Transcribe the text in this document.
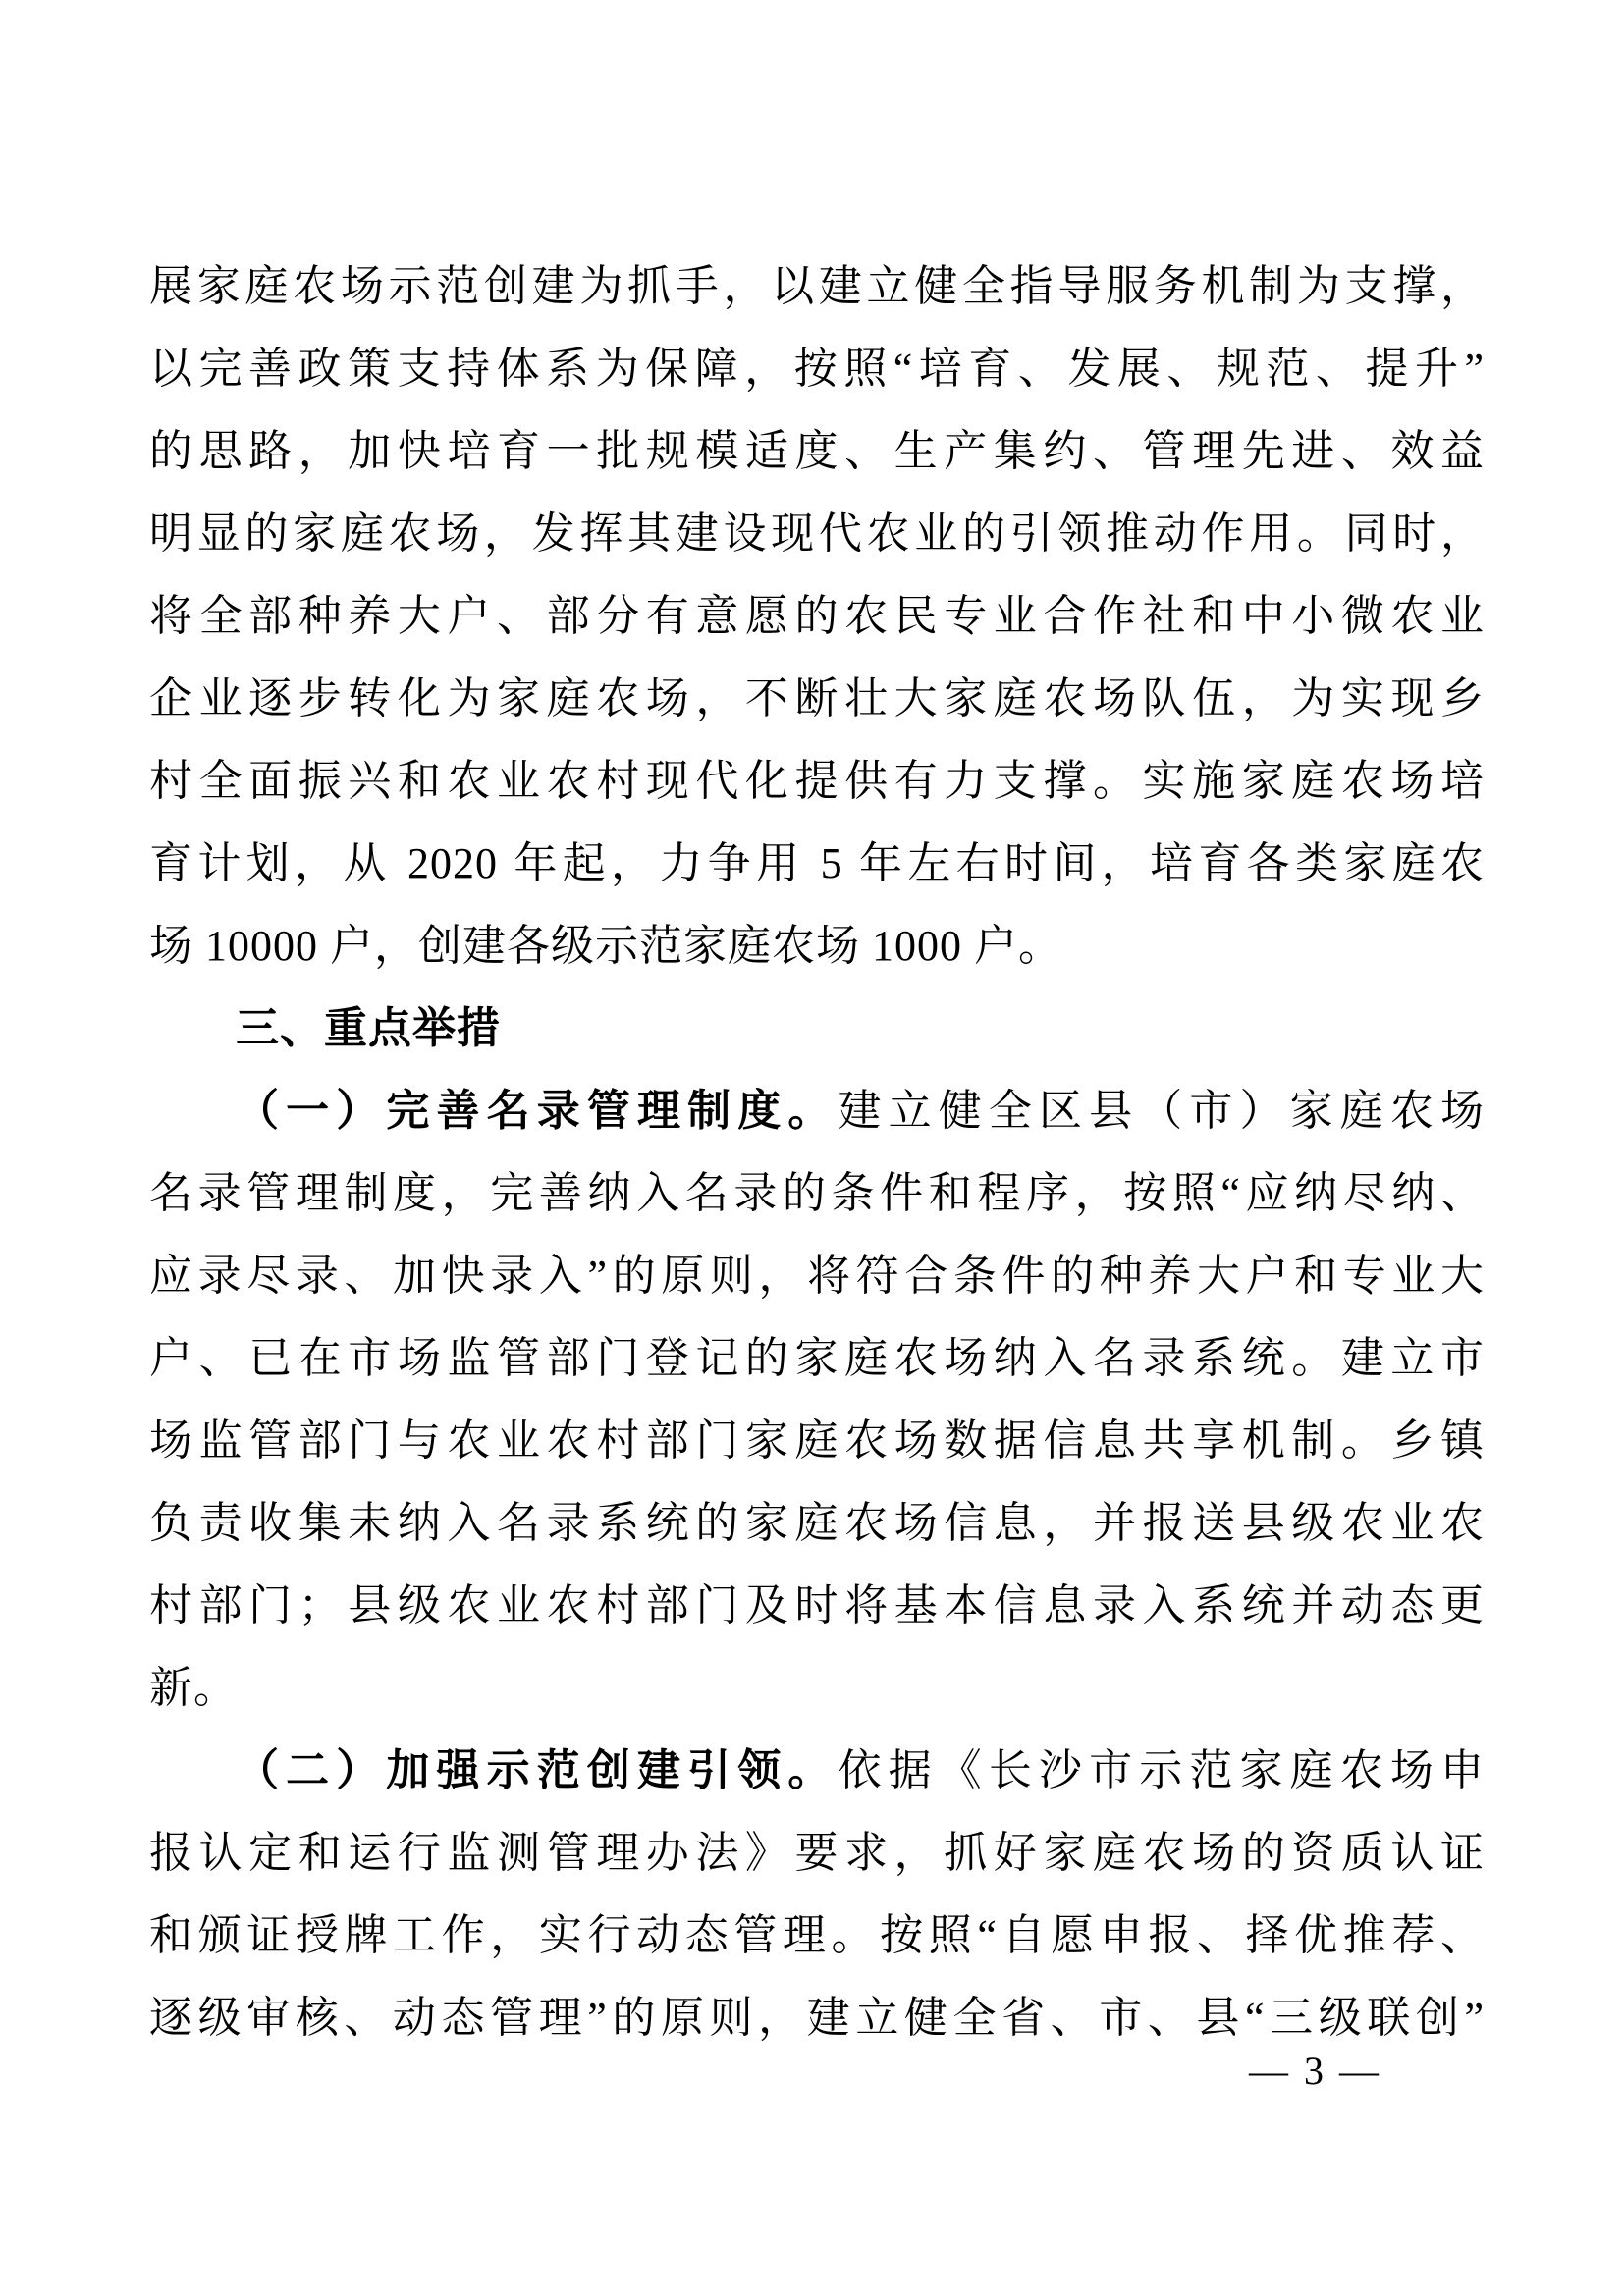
展家庭农场示范创建为抓手，以建立健全指导服务机制为支撑，
以完善政策支持体系为保障，按照“培育、发展、规范、提升”
的思路，加快培育一批规模适度、生产集约、管理先进、效益
明显的家庭农场，发挥其建设现代农业的引领推动作用。同时，
将全部种养大户、部分有意愿的农民专业合作社和中小微农业
企业逐步转化为家庭农场，不断壮大家庭农场队伍，为实现乡
村全面振兴和农业农村现代化提供有力支撑。实施家庭农场培
育计划，从 2020 年起，力争用 5 年左右时间，培育各类家庭农
场 10000 户，创建各级示范家庭农场 1000 户。
三、重点举措
（一）完善名录管理制度。建立健全区县（市）家庭农场
名录管理制度，完善纳入名录的条件和程序，按照“应纳尽纳、
应录尽录、加快录入”的原则，将符合条件的种养大户和专业大
户、已在市场监管部门登记的家庭农场纳入名录系统。建立市
场监管部门与农业农村部门家庭农场数据信息共享机制。乡镇
负责收集未纳入名录系统的家庭农场信息，并报送县级农业农
村部门；县级农业农村部门及时将基本信息录入系统并动态更
新。
（二）加强示范创建引领。依据《长沙市示范家庭农场申
报认定和运行监测管理办法》要求，抓好家庭农场的资质认证
和颁证授牌工作，实行动态管理。按照“自愿申报、择优推荐、
逐级审核、动态管理”的原则，建立健全省、市、县“三级联创”
— 3 —
